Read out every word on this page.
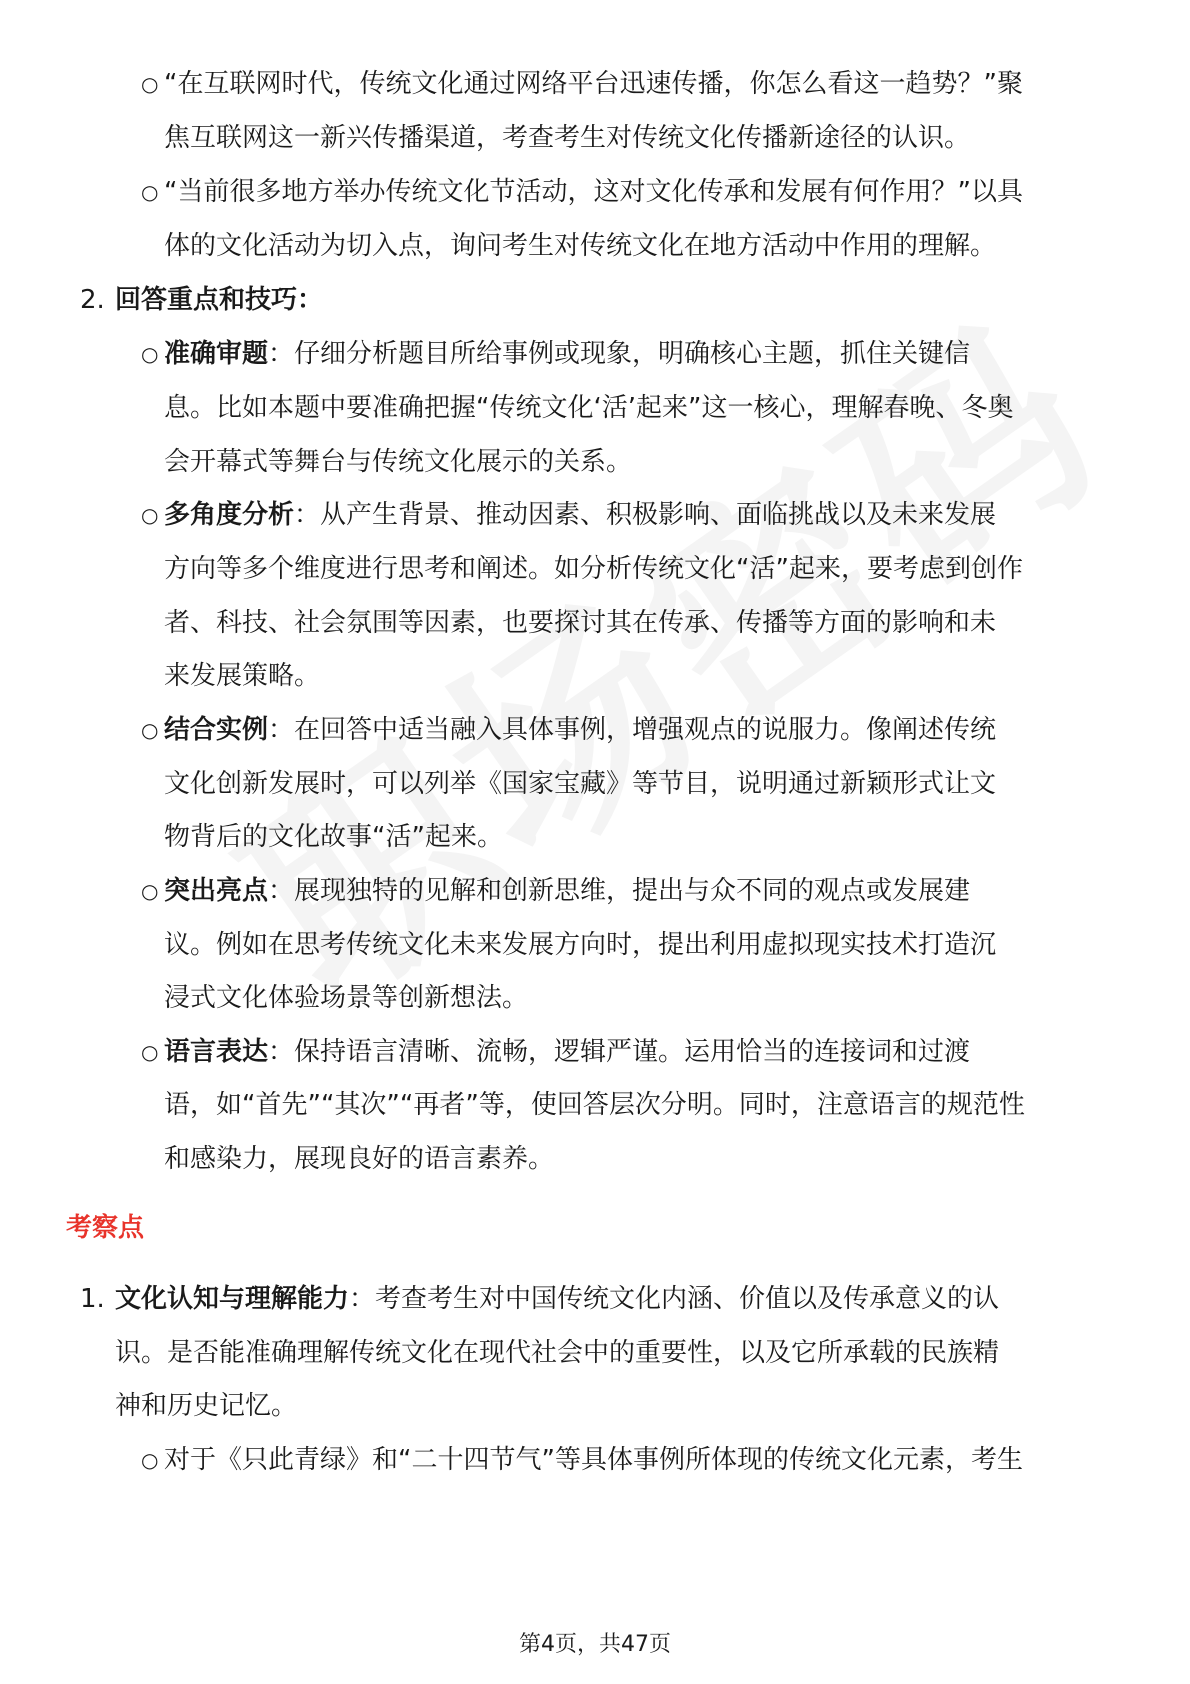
○ “在互联网时代，传统文化通过网络平台迅速传播，你怎么看这一趋势？”聚
焦互联网这一新兴传播渠道，考查考生对传统文化传播新途径的认识。
○ “当前很多地方举办传统文化节活动，这对文化传承和发展有何作用？”以具
体的文化活动为切入点，询问考生对传统文化在地方活动中作用的理解。
2. 回答重点和技巧：
○ 准确审题：仔细分析题目所给事例或现象，明确核心主题，抓住关键信
息。比如本题中要准确把握“传统文化‘活’起来”这一核心，理解春晚、冬奥
会开幕式等舞台与传统文化展示的关系。
○ 多角度分析：从产生背景、推动因素、积极影响、面临挑战以及未来发展
方向等多个维度进行思考和阐述。如分析传统文化“活”起来，要考虑到创作
者、科技、社会氛围等因素，也要探讨其在传承、传播等方面的影响和未
来发展策略。
○ 结合实例：在回答中适当融入具体事例，增强观点的说服力。像阐述传统
文化创新发展时，可以列举《国家宝藏》等节目，说明通过新颖形式让文
物背后的文化故事“活”起来。
○ 突出亮点：展现独特的见解和创新思维，提出与众不同的观点或发展建
议。例如在思考传统文化未来发展方向时，提出利用虚拟现实技术打造沉
浸式文化体验场景等创新想法。
○ 语言表达：保持语言清晰、流畅，逻辑严谨。运用恰当的连接词和过渡
语，如“首先”“其次”“再者”等，使回答层次分明。同时，注意语言的规范性
和感染力，展现良好的语言素养。
考察点
1. 文化认知与理解能力：考查考生对中国传统文化内涵、价值以及传承意义的认
识。是否能准确理解传统文化在现代社会中的重要性，以及它所承载的民族精
神和历史记忆。
○ 对于《只此青绿》和“二十四节气”等具体事例所体现的传统文化元素，考生
第4页，共47页
